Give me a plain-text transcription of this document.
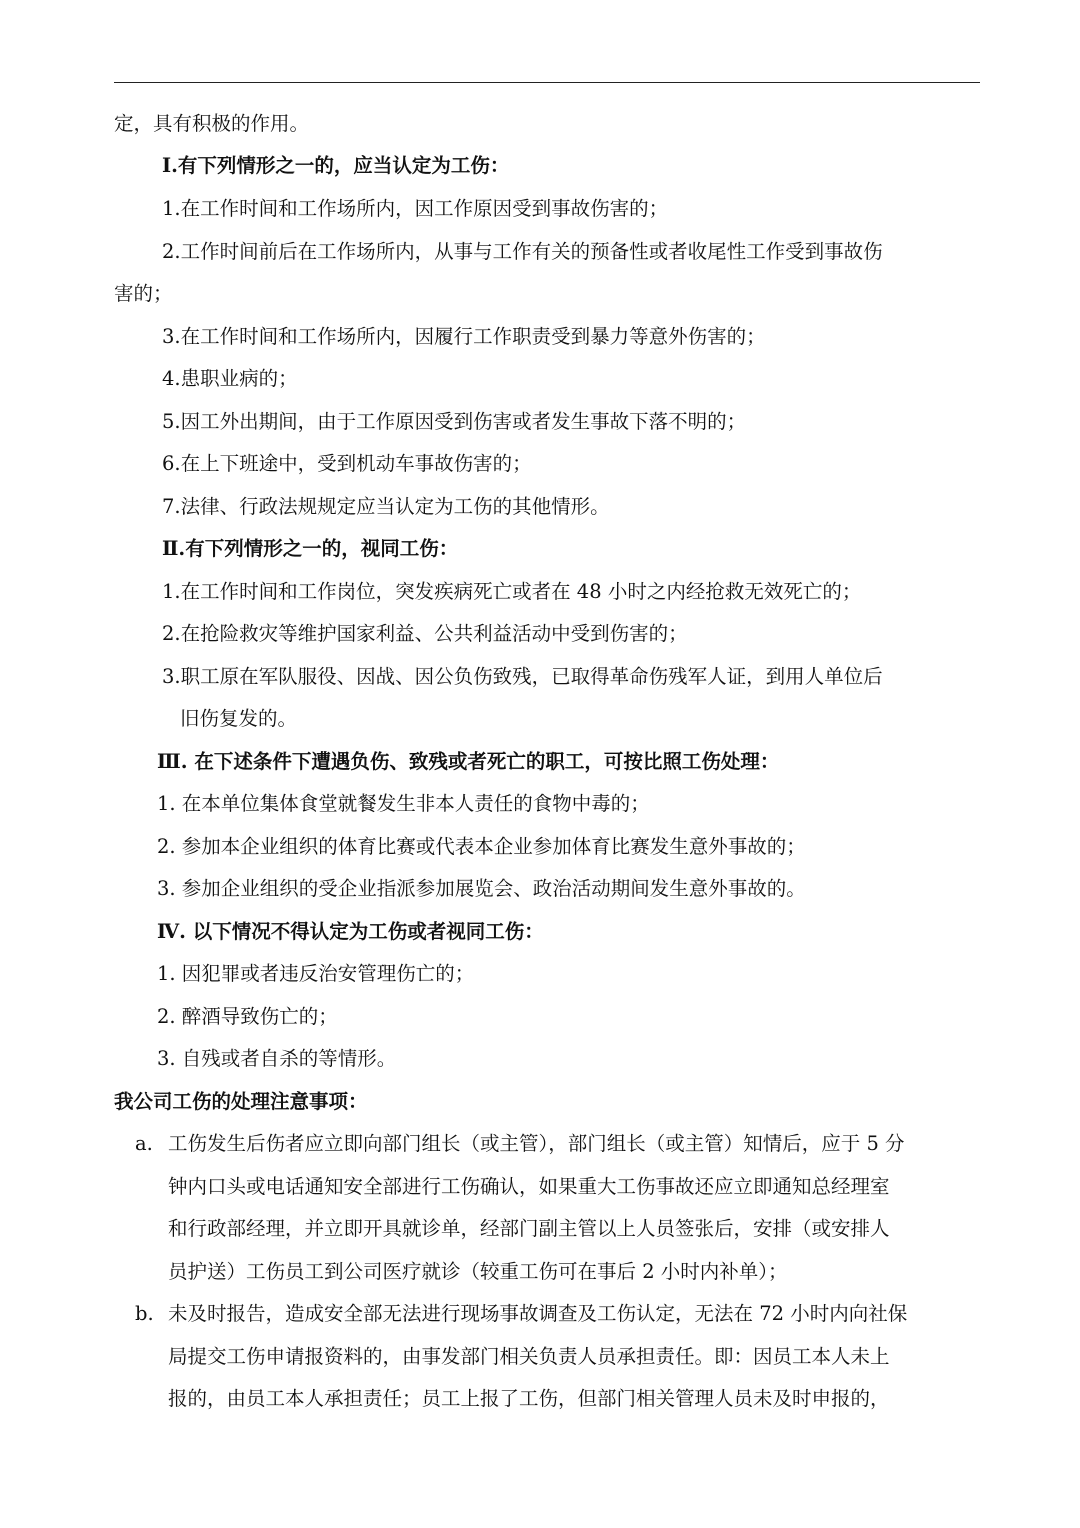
定，具有积极的作用。
Ⅰ.有下列情形之一的，应当认定为工伤：
1.在工作时间和工作场所内，因工作原因受到事故伤害的；
2.工作时间前后在工作场所内，从事与工作有关的预备性或者收尾性工作受到事故伤
害的；
3.在工作时间和工作场所内，因履行工作职责受到暴力等意外伤害的；
4.患职业病的；
5.因工外出期间，由于工作原因受到伤害或者发生事故下落不明的；
6.在上下班途中，受到机动车事故伤害的；
7.法律、行政法规规定应当认定为工伤的其他情形。
Ⅱ.有下列情形之一的，视同工伤：
1.在工作时间和工作岗位，突发疾病死亡或者在 48 小时之内经抢救无效死亡的；
2.在抢险救灾等维护国家利益、公共利益活动中受到伤害的；
3.职工原在军队服役、因战、因公负伤致残，已取得革命伤残军人证，到用人单位后
旧伤复发的。
Ⅲ. 在下述条件下遭遇负伤、致残或者死亡的职工，可按比照工伤处理：
1. 在本单位集体食堂就餐发生非本人责任的食物中毒的；
2. 参加本企业组织的体育比赛或代表本企业参加体育比赛发生意外事故的；
3. 参加企业组织的受企业指派参加展览会、政治活动期间发生意外事故的。
Ⅳ. 以下情况不得认定为工伤或者视同工伤：
1. 因犯罪或者违反治安管理伤亡的；
2. 醉酒导致伤亡的；
3. 自残或者自杀的等情形。
我公司工伤的处理注意事项：
a. 工伤发生后伤者应立即向部门组长（或主管），部门组长（或主管）知情后，应于 5 分
钟内口头或电话通知安全部进行工伤确认，如果重大工伤事故还应立即通知总经理室
和行政部经理，并立即开具就诊单，经部门副主管以上人员签张后，安排（或安排人
员护送）工伤员工到公司医疗就诊（较重工伤可在事后 2 小时内补单）；
b. 未及时报告，造成安全部无法进行现场事故调查及工伤认定，无法在 72 小时内向社保
局提交工伤申请报资料的，由事发部门相关负责人员承担责任。即：因员工本人未上
报的，由员工本人承担责任；员工上报了工伤，但部门相关管理人员未及时申报的，
